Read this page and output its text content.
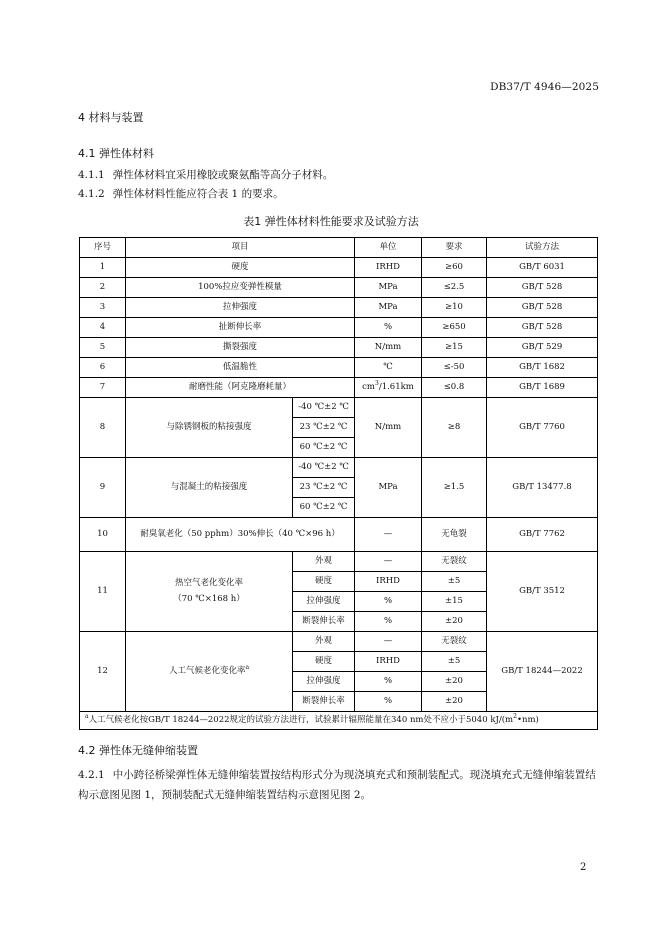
DB37/T 4946—2025
4 材料与装置
4.1 弹性体材料
4.1.1 弹性体材料宜采用橡胶或聚氨酯等高分子材料。
4.1.2 弹性体材料性能应符合表 1 的要求。
表1 弹性体材料性能要求及试验方法
序号	项目		单位	要求	试验方法
1	硬度		IRHD	≥60	GB/T 6031
2	100%拉应变弹性模量		MPa	≤2.5	GB/T 528
3	拉伸强度		MPa	≥10	GB/T 528
4	扯断伸长率		%	≥650	GB/T 528
5	撕裂强度		N/mm	≥15	GB/T 529
6	低温脆性		℃	≤-50	GB/T 1682
7	耐磨性能（阿克隆磨耗量）		$cm^3/1.61km$	≤0.8	GB/T 1689
8	与除锈钢板的粘接强度	-40 ℃±2 ℃	N/mm	≥8	GB/T 7760
		23 ℃±2 ℃			
		60 ℃±2 ℃			
9	与混凝土的粘接强度	-40 ℃±2 ℃	MPa	≥1.5	GB/T 13477.8
		23 ℃±2 ℃			
		60 ℃±2 ℃			
10	耐臭氧老化（50 pphm）30%伸长（40 ℃×96 h）		—	无龟裂	GB/T 7762
11	热空气老化变化率
（70 ℃×168 h）	外观	—	无裂纹	GB/T 3512
		硬度	IRHD	±5	
		拉伸强度	%	±15	
		断裂伸长率	%	±20	
12	人工气候老化变化率$^a$	外观	—	无裂纹	GB/T 18244—2022
		硬度	IRHD	±5	
		拉伸强度	%	±20	
		断裂伸长率	%	±20	
$^a$人工气候老化按GB/T 18244—2022规定的试验方法进行，试验累计辐照能量在340 nm处不应小于5040 $kJ/(m^2•nm)$					
4.2 弹性体无缝伸缩装置
4.2.1 中小跨径桥梁弹性体无缝伸缩装置按结构形式分为现浇填充式和预制装配式。现浇填充式无缝伸缩装置结构示意图见图 1，预制装配式无缝伸缩装置结构示意图见图 2。
2
